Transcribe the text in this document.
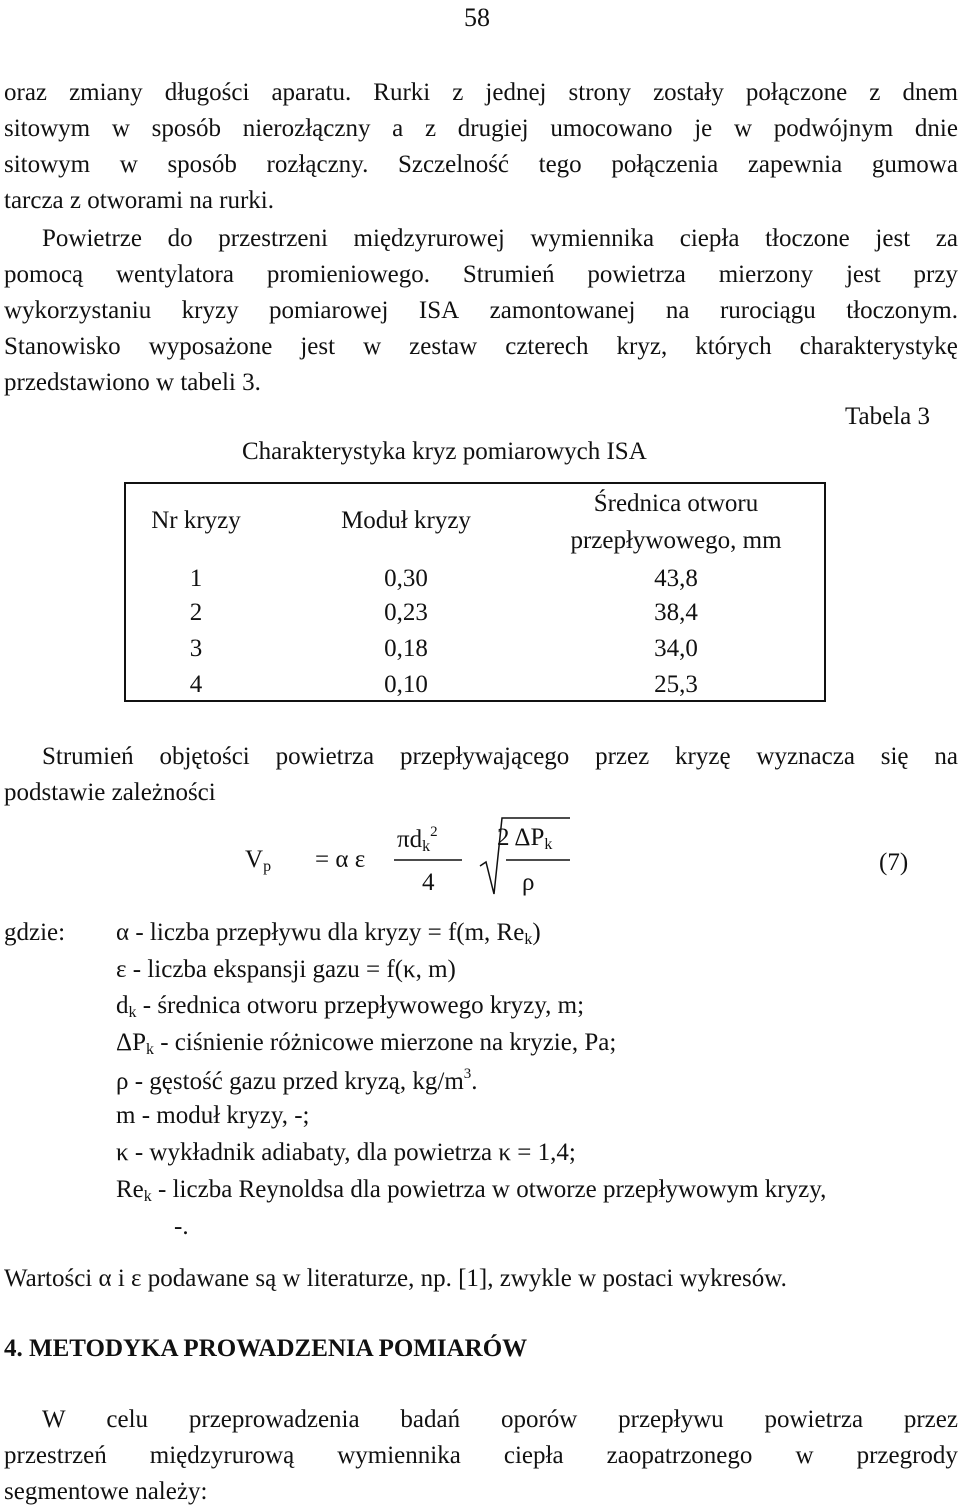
58
oraz zmiany długości aparatu. Rurki z jednej strony zostały połączone z dnem
sitowym w sposób nierozłączny a z drugiej umocowano je w podwójnym dnie
sitowym w sposób rozłączny. Szczelność tego połączenia zapewnia gumowa
tarcza z otworami na rurki.
Powietrze do przestrzeni międzyrurowej wymiennika ciepła tłoczone jest za
pomocą wentylatora promieniowego. Strumień powietrza mierzony jest przy
wykorzystaniu kryzy pomiarowej ISA zamontowanej na rurociągu tłoczonym.
Stanowisko wyposażone jest w zestaw czterech kryz, których charakterystykę
przedstawiono w tabeli 3.
Tabela 3
Charakterystyka kryz pomiarowych ISA
Nr kryzy	Moduł kryzy
Średnica otworu
przepływowego, mm
1	0,30	43,8
2	0,23	38,4
3	0,18	34,0
4	0,10	25,3
Strumień objętości powietrza przepływającego przez kryzę wyznacza się na
podstawie zależności
$V_p = \alpha$ ε
$\pi d_k^2$
4
2 $\Delta P_k$
ρ
(7)
gdzie: α - liczba przepływu dla kryzy = f(m, $Re_k$)
ε - liczba ekspansji gazu = f(κ, m)
$d_k$ - średnica otworu przepływowego kryzy, m;
$\Delta P_k$ - ciśnienie różnicowe mierzone na kryzie, Pa;
ρ - gęstość gazu przed kryzą, $kg/m^3$.
m - moduł kryzy, -;
κ - wykładnik adiabaty, dla powietrza κ = 1,4;
$Re_k$ - liczba Reynoldsa dla powietrza w otworze przepływowym kryzy,
-.
Wartości α i ε podawane są w literaturze, np. [1], zwykle w postaci wykresów.
4. METODYKA PROWADZENIA POMIARÓW
W celu przeprowadzenia badań oporów przepływu powietrza przez
przestrzeń międzyrurową wymiennika ciepła zaopatrzonego w przegrody
segmentowe należy:
